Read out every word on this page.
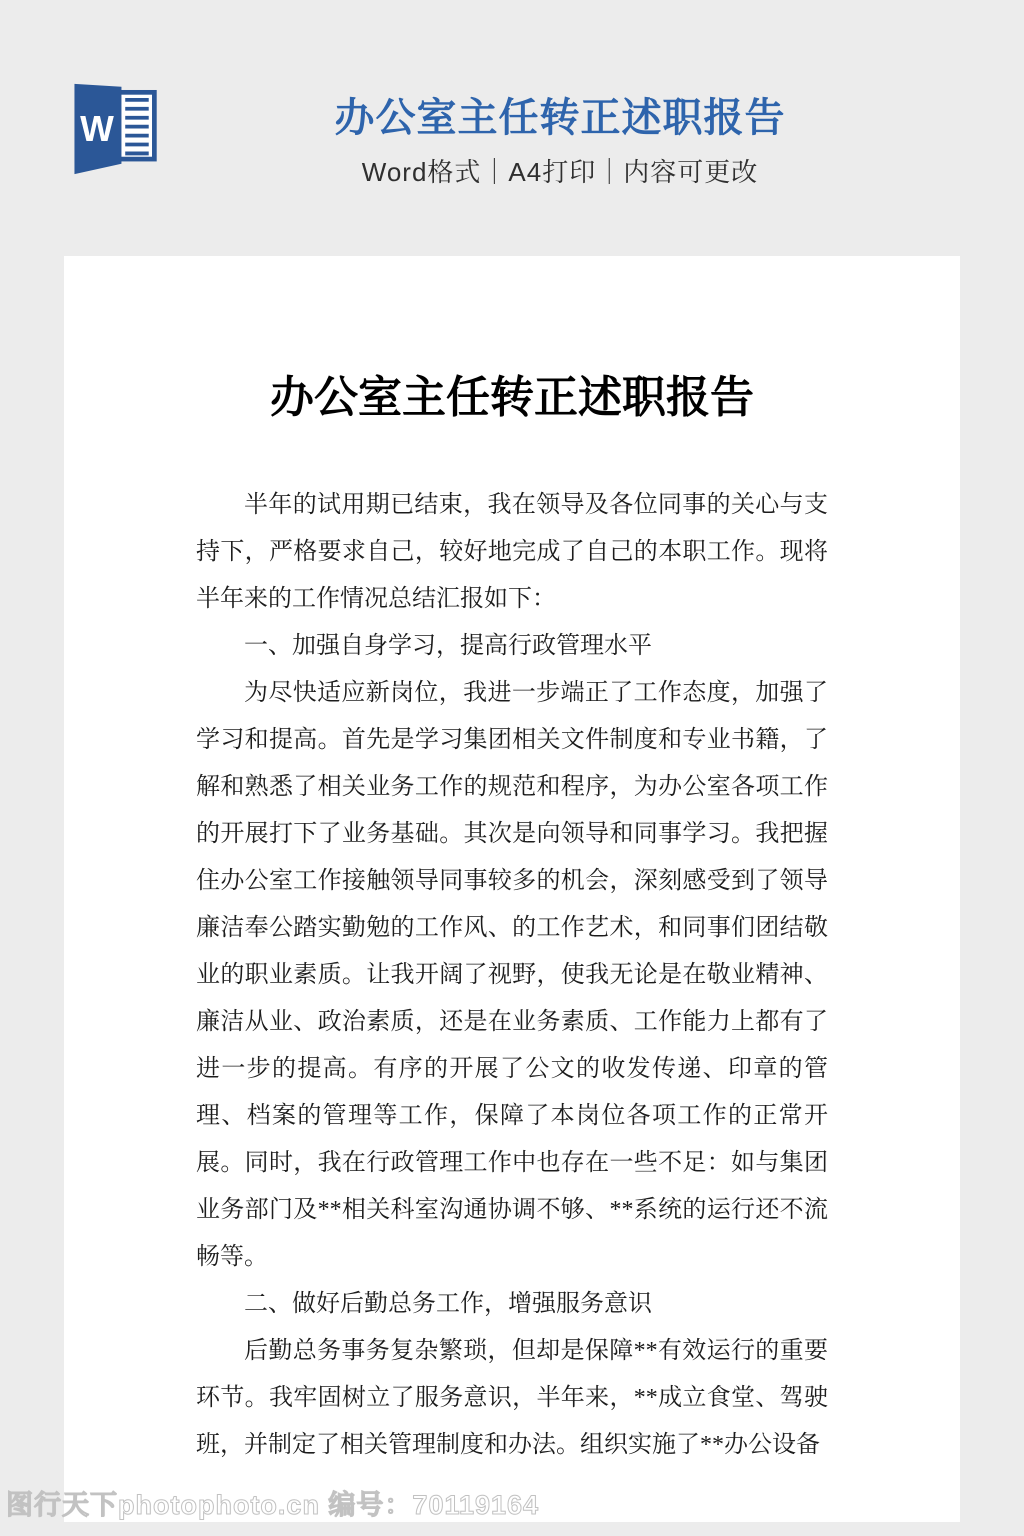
W	办公室主任转正述职报告
Word格式｜A4打印｜内容可更改
办公室主任转正述职报告

半年的试用期已结束，我在领导及各位同事的关心与支持下，严格要求自己，较好地完成了自己的本职工作。现将半年来的工作情况总结汇报如下：

一、加强自身学习，提高行政管理水平

为尽快适应新岗位，我进一步端正了工作态度，加强了学习和提高。首先是学习集团相关文件制度和专业书籍，了解和熟悉了相关业务工作的规范和程序，为办公室各项工作的开展打下了业务基础。其次是向领导和同事学习。我把握住办公室工作接触领导同事较多的机会，深刻感受到了领导廉洁奉公踏实勤勉的工作风、的工作艺术，和同事们团结敬业的职业素质。让我开阔了视野，使我无论是在敬业精神、廉洁从业、政治素质，还是在业务素质、工作能力上都有了进一步的提高。有序的开展了公文的收发传递、印章的管理、档案的管理等工作，保障了本岗位各项工作的正常开展。同时，我在行政管理工作中也存在一些不足：如与集团业务部门及**相关科室沟通协调不够、**系统的运行还不流畅等。

二、做好后勤总务工作，增强服务意识

后勤总务事务复杂繁琐，但却是保障**有效运行的重要环节。我牢固树立了服务意识，半年来，**成立食堂、驾驶班，并制定了相关管理制度和办法。组织实施了**办公设备

图行天下photophoto.cn 编号：70119164
